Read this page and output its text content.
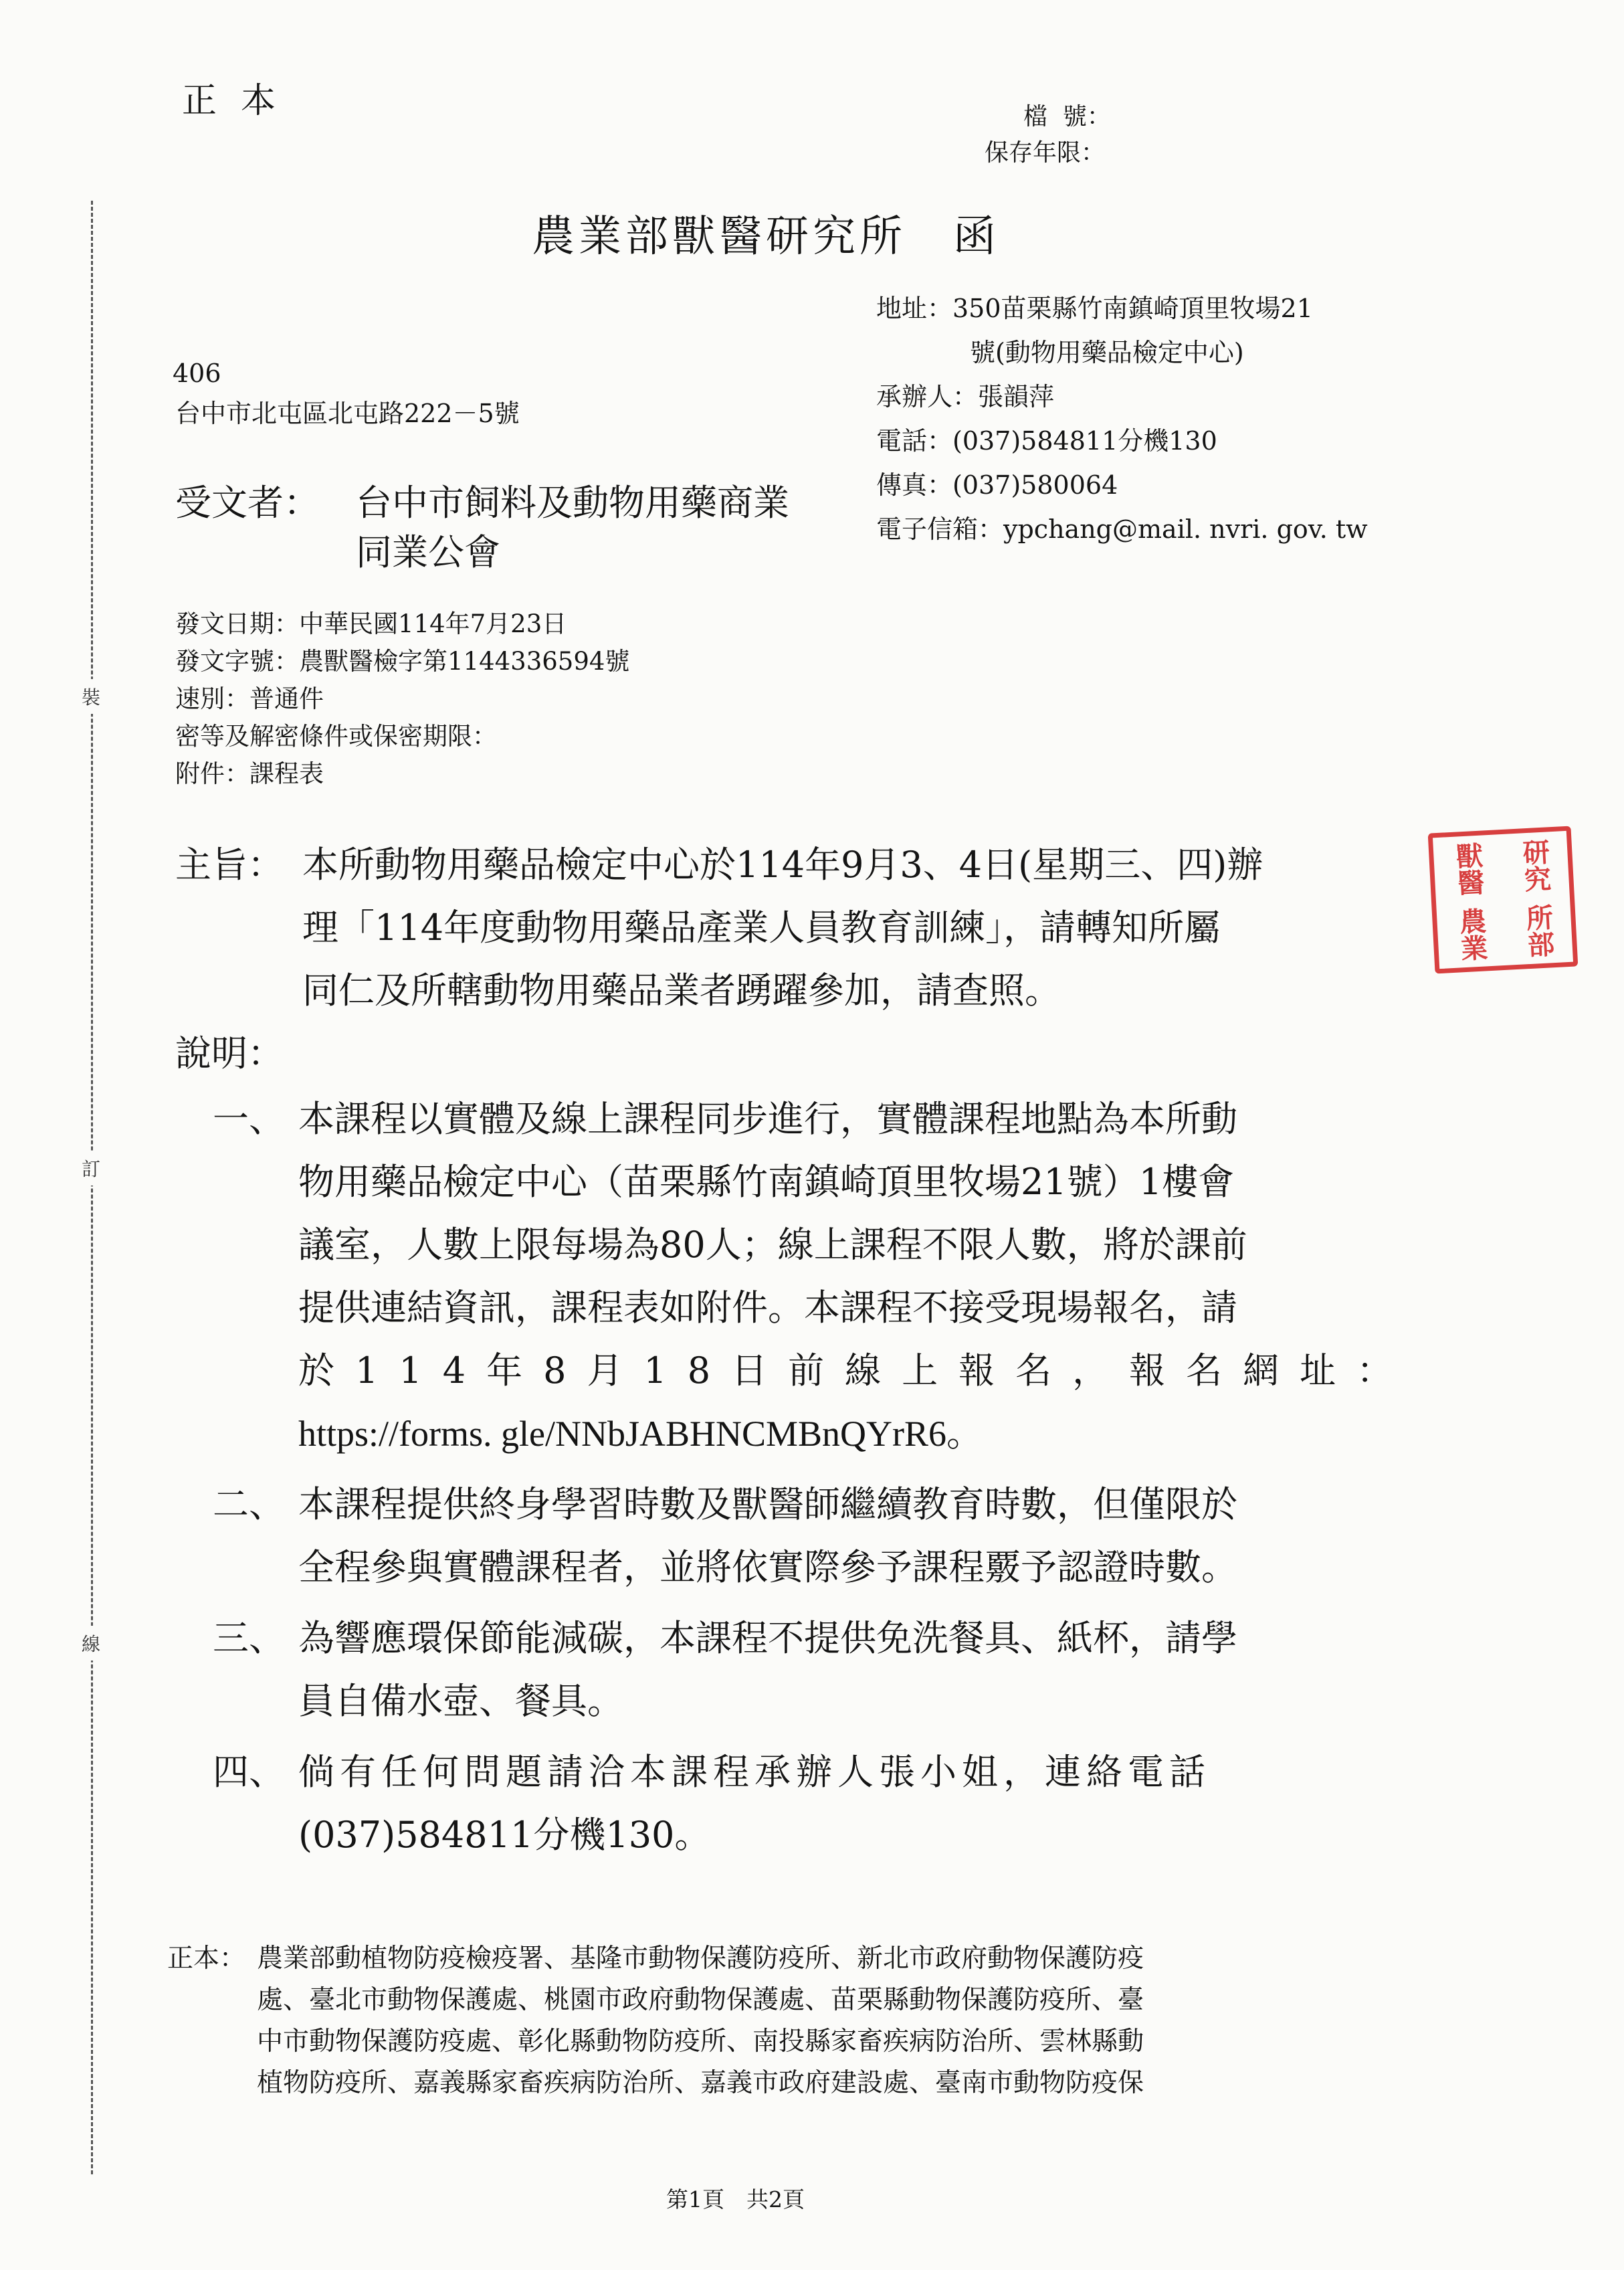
裝
訂
線
正本	檔  號：
保存年限：
農業部獸醫研究所　函
地址：350苗栗縣竹南鎮崎頂里牧場21
號(動物用藥品檢定中心)
承辦人：張韻萍
電話：(037)584811分機130
傳真：(037)580064
電子信箱：ypchang@mail. nvri. gov. tw
406
台中市北屯區北屯路222－5號
受文者： 台中市飼料及動物用藥商業
同業公會
發文日期：中華民國114年7月23日
發文字號：農獸醫檢字第1144336594號
速別：普通件
密等及解密條件或保密期限：
附件：課程表
主旨： 本所動物用藥品檢定中心於114年9月3、4日(星期三、四)辦
理「114年度動物用藥品產業人員教育訓練」，請轉知所屬
同仁及所轄動物用藥品業者踴躍參加，請查照。
獸醫	研究
農業	所部
說明：
一、 本課程以實體及線上課程同步進行，實體課程地點為本所動
物用藥品檢定中心（苗栗縣竹南鎮崎頂里牧場21號）1樓會
議室，人數上限每場為80人；線上課程不限人數，將於課前
提供連結資訊，課程表如附件。本課程不接受現場報名，請
於114年8月18日前線上報名，報名網址：
https://forms. gle/NNbJABHNCMBnQYrR6。
二、 本課程提供終身學習時數及獸醫師繼續教育時數，但僅限於
全程參與實體課程者，並將依實際參予課程覈予認證時數。
三、 為響應環保節能減碳，本課程不提供免洗餐具、紙杯，請學
員自備水壺、餐具。
四、 倘有任何問題請洽本課程承辦人張小姐，連絡電話
(037)584811分機130。
正本： 農業部動植物防疫檢疫署、基隆市動物保護防疫所、新北市政府動物保護防疫
處、臺北市動物保護處、桃園市政府動物保護處、苗栗縣動物保護防疫所、臺
中市動物保護防疫處、彰化縣動物防疫所、南投縣家畜疾病防治所、雲林縣動
植物防疫所、嘉義縣家畜疾病防治所、嘉義市政府建設處、臺南市動物防疫保
第1頁　共2頁
